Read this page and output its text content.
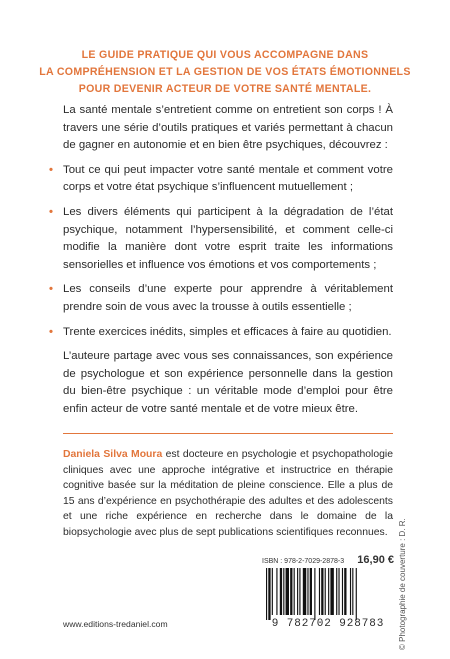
LE GUIDE PRATIQUE QUI VOUS ACCOMPAGNE DANS
LA COMPRÉHENSION ET LA GESTION DE VOS ÉTATS ÉMOTIONNELS
POUR DEVENIR ACTEUR DE VOTRE SANTÉ MENTALE.

La santé mentale s’entretient comme on entretient son corps ! À travers une série d’outils pratiques et variés permettant à chacun de gagner en autonomie et en bien être psychiques, découvrez :

• Tout ce qui peut impacter votre santé mentale et comment votre corps et votre état psychique s’influencent mutuellement ;
• Les divers éléments qui participent à la dégradation de l’état psychique, notamment l’hypersensibilité, et comment celle-ci modifie la manière dont votre esprit traite les informations sensorielles et influence vos émotions et vos comportements ;
• Les conseils d’une experte pour apprendre à véritablement prendre soin de vous avec la trousse à outils essentielle ;
• Trente exercices inédits, simples et efficaces à faire au quotidien.

L’auteure partage avec vous ses connaissances, son expérience de psychologue et son expérience personnelle dans la gestion du bien-être psychique : un véritable mode d’emploi pour être enfin acteur de votre santé mentale et de votre mieux être.

Daniela Silva Moura est docteure en psychologie et psychopathologie cliniques avec une approche intégrative et instructrice en thérapie cognitive basée sur la méditation de pleine conscience. Elle a plus de 15 ans d’expérience en psychothérapie des adultes et des adolescents et une riche expérience en recherche dans le domaine de la biopsychologie avec plus de sept publications scientifiques reconnues.	© Photographie de couverture : D. R.
ISBN : 978-2-7029-2878-3 16,90 €
9 782702 928783
www.editions-tredaniel.com
